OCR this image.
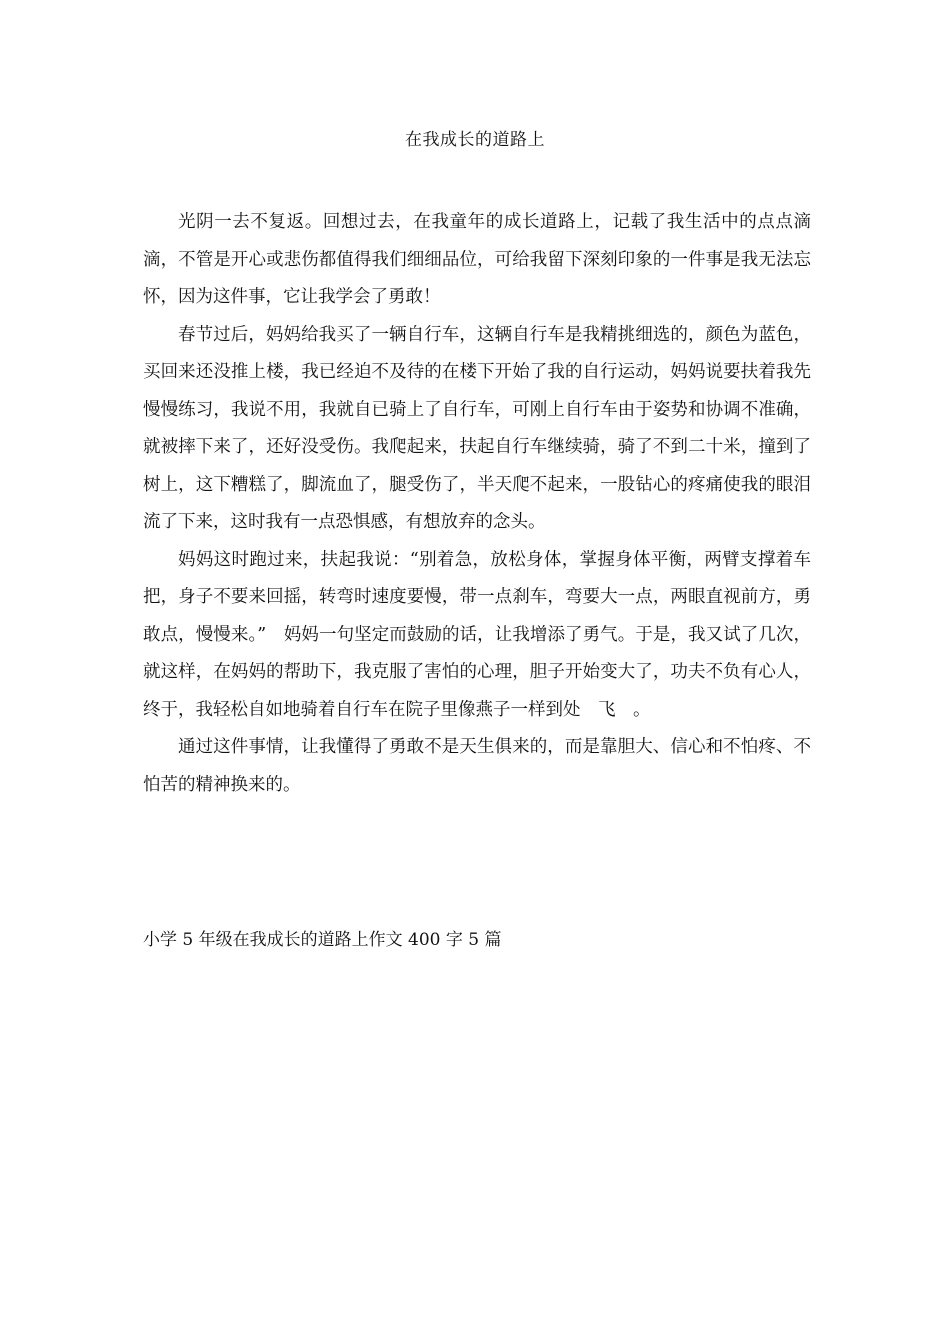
在我成长的道路上

光阴一去不复返。回想过去，在我童年的成长道路上，记载了我生活中的点点滴滴，不管是开心或悲伤都值得我们细细品位，可给我留下深刻印象的一件事是我无法忘怀，因为这件事，它让我学会了勇敢！

春节过后，妈妈给我买了一辆自行车，这辆自行车是我精挑细选的，颜色为蓝色，买回来还没推上楼，我已经迫不及待的在楼下开始了我的自行运动，妈妈说要扶着我先慢慢练习，我说不用，我就自已骑上了自行车，可刚上自行车由于姿势和协调不准确，就被摔下来了，还好没受伤。我爬起来，扶起自行车继续骑，骑了不到二十米，撞到了树上，这下糟糕了，脚流血了，腿受伤了，半天爬不起来，一股钻心的疼痛使我的眼泪流了下来，这时我有一点恐惧感，有想放弃的念头。

妈妈这时跑过来，扶起我说：“别着急，放松身体，掌握身体平衡，两臂支撑着车把，身子不要来回摇，转弯时速度要慢，带一点刹车，弯要大一点，两眼直视前方，勇敢点，慢慢来。”　妈妈一句坚定而鼓励的话，让我增添了勇气。于是，我又试了几次，就这样，在妈妈的帮助下，我克服了害怕的心理，胆子开始变大了，功夫不负有心人，终于，我轻松自如地骑着自行车在院子里像燕子一样到处　飞　。

通过这件事情，让我懂得了勇敢不是天生俱来的，而是靠胆大、信心和不怕疼、不怕苦的精神换来的。

小学 5 年级在我成长的道路上作文 400 字 5 篇
